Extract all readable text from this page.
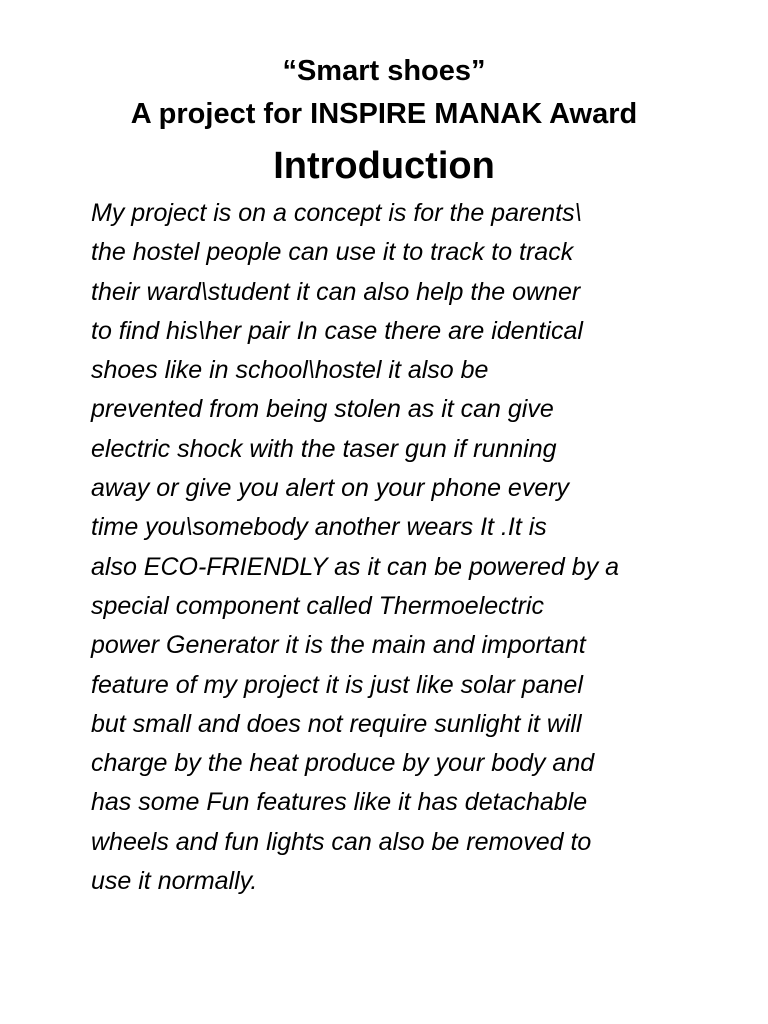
“Smart shoes”
A project for INSPIRE MANAK Award
Introduction
My project is on a concept is for the parents\
the hostel people can use it to track to track
their ward\student it can also help the owner
to find his\her pair In case there are identical
shoes like in school\hostel it also be
prevented from being stolen as it can give
electric shock with the taser gun if running
away or give you alert on your phone every
time you\somebody another wears It .It is
also ECO-FRIENDLY as it can be powered by a
special component called Thermoelectric
power Generator it is the main and important
feature of my project it is just like solar panel
but small and does not require sunlight it will
charge by the heat produce by your body and
has some Fun features like it has detachable
wheels and fun lights can also be removed to
use it normally.
